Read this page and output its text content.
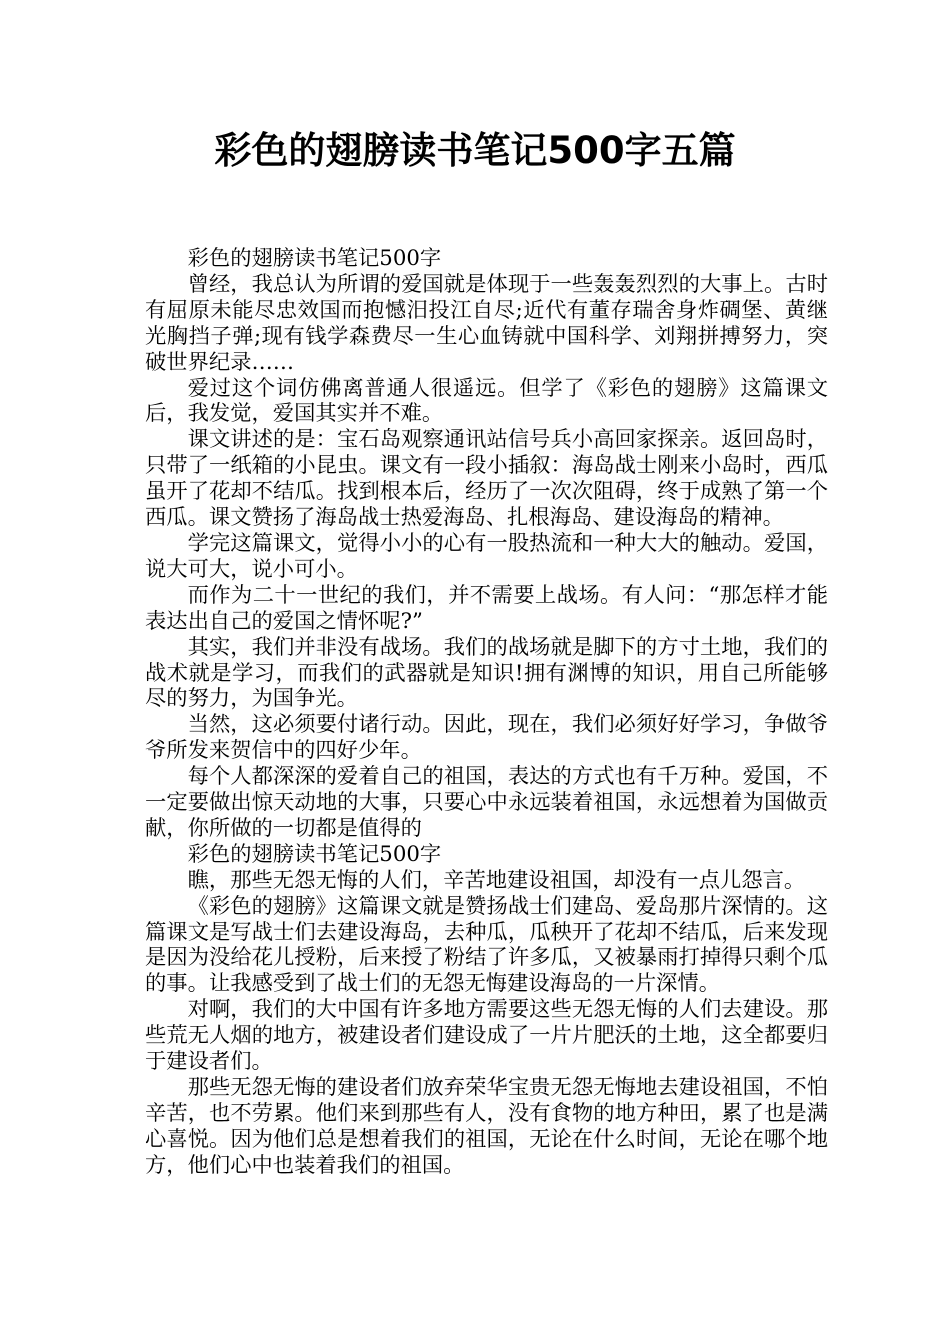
彩色的翅膀读书笔记500字五篇

彩色的翅膀读书笔记500字

曾经，我总认为所谓的爱国就是体现于一些轰轰烈烈的大事上。古时有屈原未能尽忠效国而抱憾汨投江自尽;近代有董存瑞舍身炸碉堡、黄继光胸挡子弹;现有钱学森费尽一生心血铸就中国科学、刘翔拼搏努力，突破世界纪录……

爱过这个词仿佛离普通人很遥远。但学了《彩色的翅膀》这篇课文后，我发觉，爱国其实并不难。

课文讲述的是：宝石岛观察通讯站信号兵小高回家探亲。返回岛时，只带了一纸箱的小昆虫。课文有一段小插叙：海岛战士刚来小岛时，西瓜虽开了花却不结瓜。找到根本后，经历了一次次阻碍，终于成熟了第一个西瓜。课文赞扬了海岛战士热爱海岛、扎根海岛、建设海岛的精神。

学完这篇课文，觉得小小的心有一股热流和一种大大的触动。爱国，说大可大，说小可小。

而作为二十一世纪的我们，并不需要上战场。有人问：“那怎样才能表达出自己的爱国之情怀呢?”

其实，我们并非没有战场。我们的战场就是脚下的方寸土地，我们的战术就是学习，而我们的武器就是知识!拥有渊博的知识，用自己所能够尽的努力，为国争光。

当然，这必须要付诸行动。因此，现在，我们必须好好学习，争做爷爷所发来贺信中的四好少年。

每个人都深深的爱着自己的祖国，表达的方式也有千万种。爱国，不一定要做出惊天动地的大事，只要心中永远装着祖国，永远想着为国做贡献，你所做的一切都是值得的

彩色的翅膀读书笔记500字

瞧，那些无怨无悔的人们，辛苦地建设祖国，却没有一点儿怨言。

《彩色的翅膀》这篇课文就是赞扬战士们建岛、爱岛那片深情的。这篇课文是写战士们去建设海岛，去种瓜，瓜秧开了花却不结瓜，后来发现是因为没给花儿授粉，后来授了粉结了许多瓜，又被暴雨打掉得只剩个瓜的事。让我感受到了战士们的无怨无悔建设海岛的一片深情。

对啊，我们的大中国有许多地方需要这些无怨无悔的人们去建设。那些荒无人烟的地方，被建设者们建设成了一片片肥沃的土地，这全都要归于建设者们。

那些无怨无悔的建设者们放弃荣华宝贵无怨无悔地去建设祖国，不怕辛苦，也不劳累。他们来到那些有人，没有食物的地方种田，累了也是满心喜悦。因为他们总是想着我们的祖国，无论在什么时间，无论在哪个地方，他们心中也装着我们的祖国。
